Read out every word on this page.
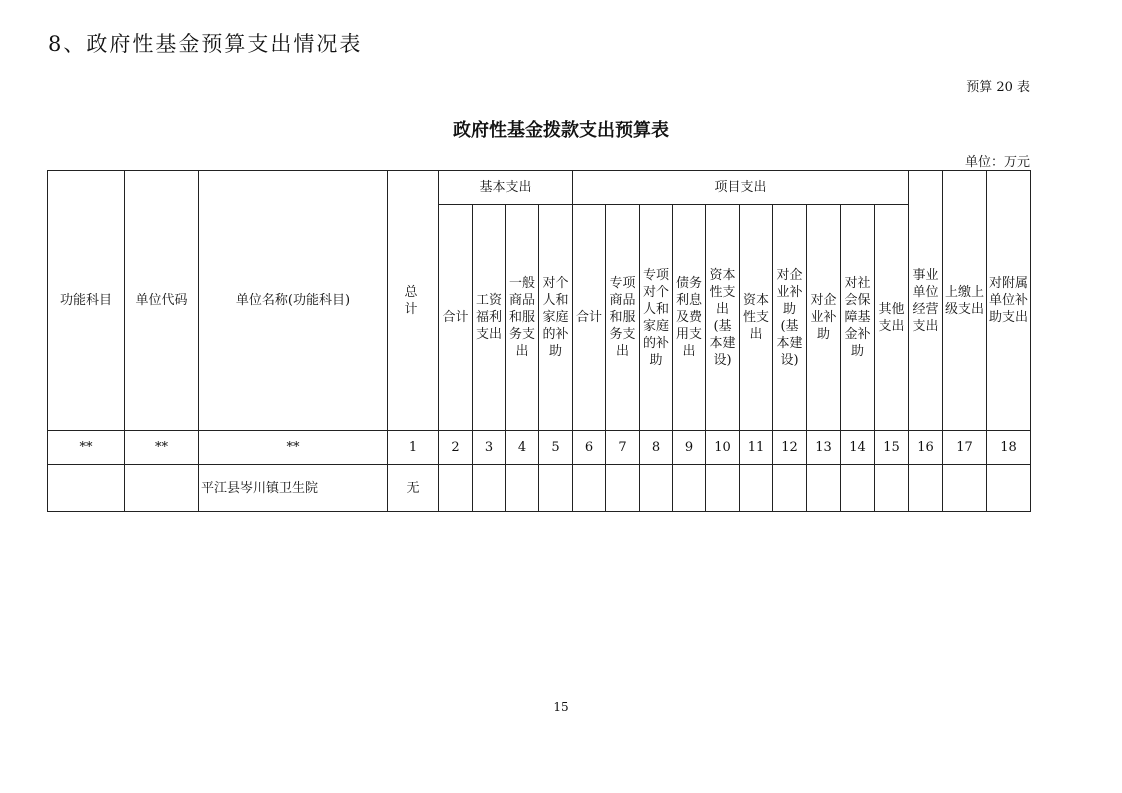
8、政府性基金预算支出情况表
预算 20 表
政府性基金拨款支出预算表
单位：万元
功能科目	单位代码	单位名称(功能科目)	总计	基本支出				项目支出										事业单位经营支出	上缴上级支出	对附属单位补助支出
				合计	工资福利支出	一般商品和服务支出	对个人和家庭的补助	合计	专项商品和服务支出	专项对个人和家庭的补助	债务利息及费用支出	资本性支出(基本建设)	资本性支出	对企业补助(基本建设)	对企业补助	对社会保障基金补助	其他支出			
**	**	**	1	2	3	4	5	6	7	8	9	10	11	12	13	14	15	16	17	18
		平江县岑川镇卫生院	无																	
15
